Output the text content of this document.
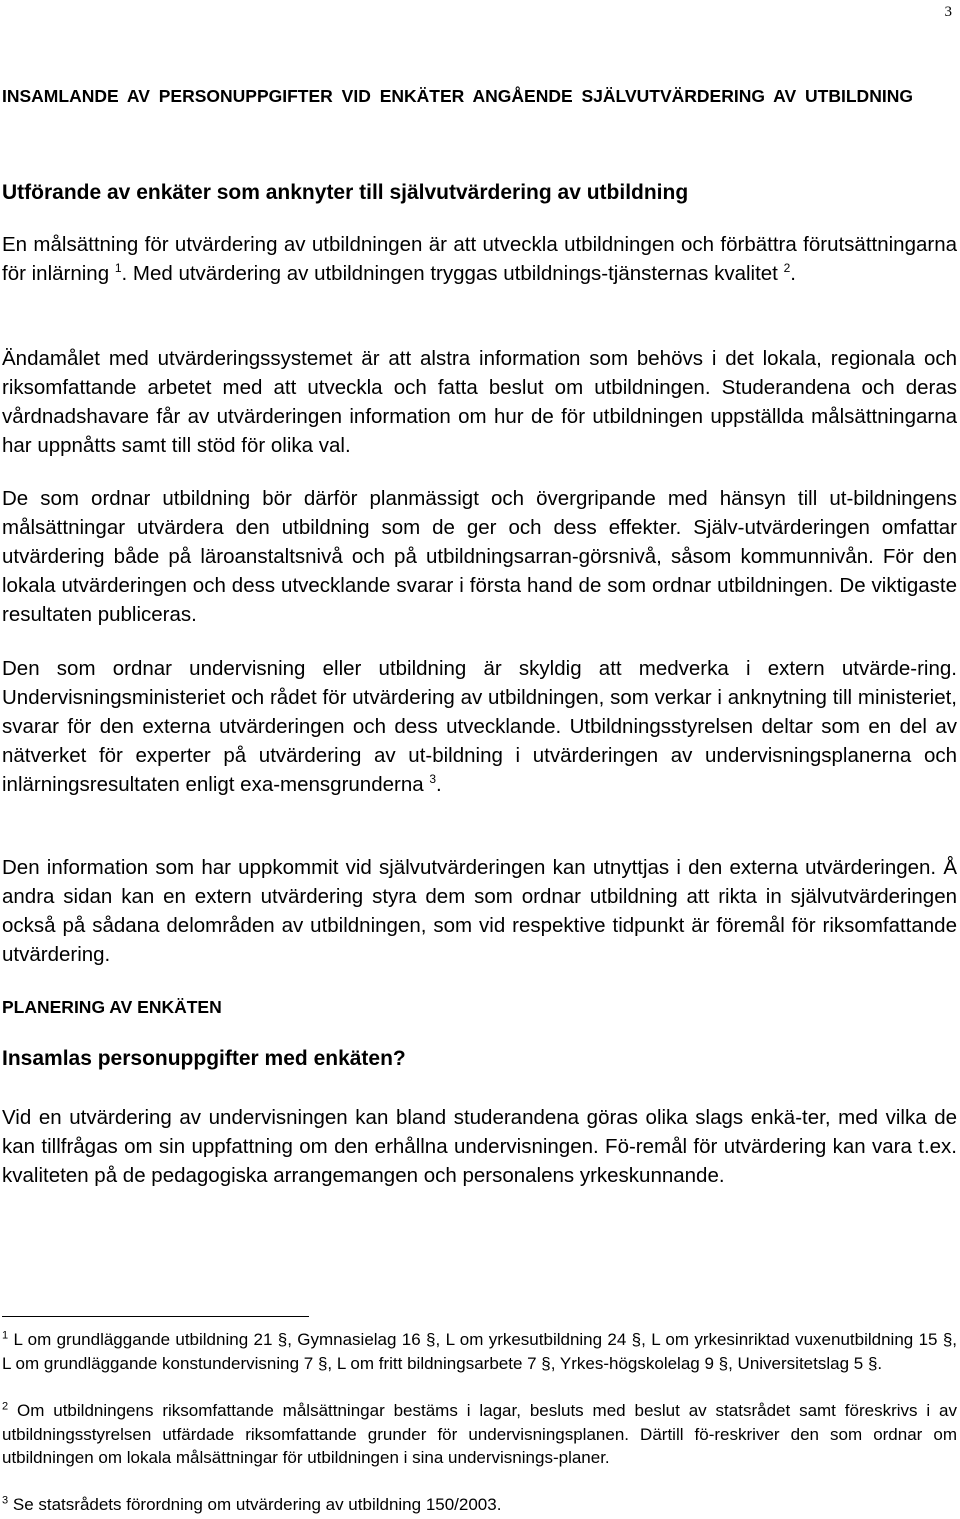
3
INSAMLANDE AV PERSONUPPGIFTER VID ENKÄTER ANGÅENDE SJÄLVUTVÄRDERING AV UTBILDNING
Utförande av enkäter som anknyter till självutvärdering av utbildning
En målsättning för utvärdering av utbildningen är att utveckla utbildningen och förbättra förutsättningarna för inlärning $^1$. Med utvärdering av utbildningen tryggas utbildnings-tjänsternas kvalitet $^2$.
Ändamålet med utvärderingssystemet är att alstra information som behövs i det lokala, regionala och riksomfattande arbetet med att utveckla och fatta beslut om utbildningen. Studerandena och deras vårdnadshavare får av utvärderingen information om hur de för utbildningen uppställda målsättningarna har uppnåtts samt till stöd för olika val.
De som ordnar utbildning bör därför planmässigt och övergripande med hänsyn till ut-bildningens målsättningar utvärdera den utbildning som de ger och dess effekter. Själv-utvärderingen omfattar utvärdering både på läroanstaltsnivå och på utbildningsarran-görsnivå, såsom kommunnivån. För den lokala utvärderingen och dess utvecklande svarar i första hand de som ordnar utbildningen. De viktigaste resultaten publiceras.
Den som ordnar undervisning eller utbildning är skyldig att medverka i extern utvärde-ring. Undervisningsministeriet och rådet för utvärdering av utbildningen, som verkar i anknytning till ministeriet, svarar för den externa utvärderingen och dess utvecklande. Utbildningsstyrelsen deltar som en del av nätverket för experter på utvärdering av ut-bildning i utvärderingen av undervisningsplanerna och inlärningsresultaten enligt exa-mensgrunderna $^3$.
Den information som har uppkommit vid självutvärderingen kan utnyttjas i den externa utvärderingen. Å andra sidan kan en extern utvärdering styra dem som ordnar utbildning att rikta in självutvärderingen också på sådana delområden av utbildningen, som vid respektive tidpunkt är föremål för riksomfattande utvärdering.
PLANERING AV ENKÄTEN
Insamlas personuppgifter med enkäten?
Vid en utvärdering av undervisningen kan bland studerandena göras olika slags enkä-ter, med vilka de kan tillfrågas om sin uppfattning om den erhållna undervisningen. Fö-remål för utvärdering kan vara t.ex. kvaliteten på de pedagogiska arrangemangen och personalens yrkeskunnande.
$^1$ L om grundläggande utbildning 21 §, Gymnasielag 16 §, L om yrkesutbildning 24 §, L om yrkesinriktad vuxenutbildning 15 §, L om grundläggande konstundervisning 7 §, L om fritt bildningsarbete 7 §, Yrkes-högskolelag 9 §, Universitetslag 5 §.
$^2$ Om utbildningens riksomfattande målsättningar bestäms i lagar, besluts med beslut av statsrådet samt föreskrivs i av utbildningsstyrelsen utfärdade riksomfattande grunder för undervisningsplanen. Därtill fö-reskriver den som ordnar om utbildningen om lokala målsättningar för utbildningen i sina undervisnings-planer.
$^3$ Se statsrådets förordning om utvärdering av utbildning 150/2003.
